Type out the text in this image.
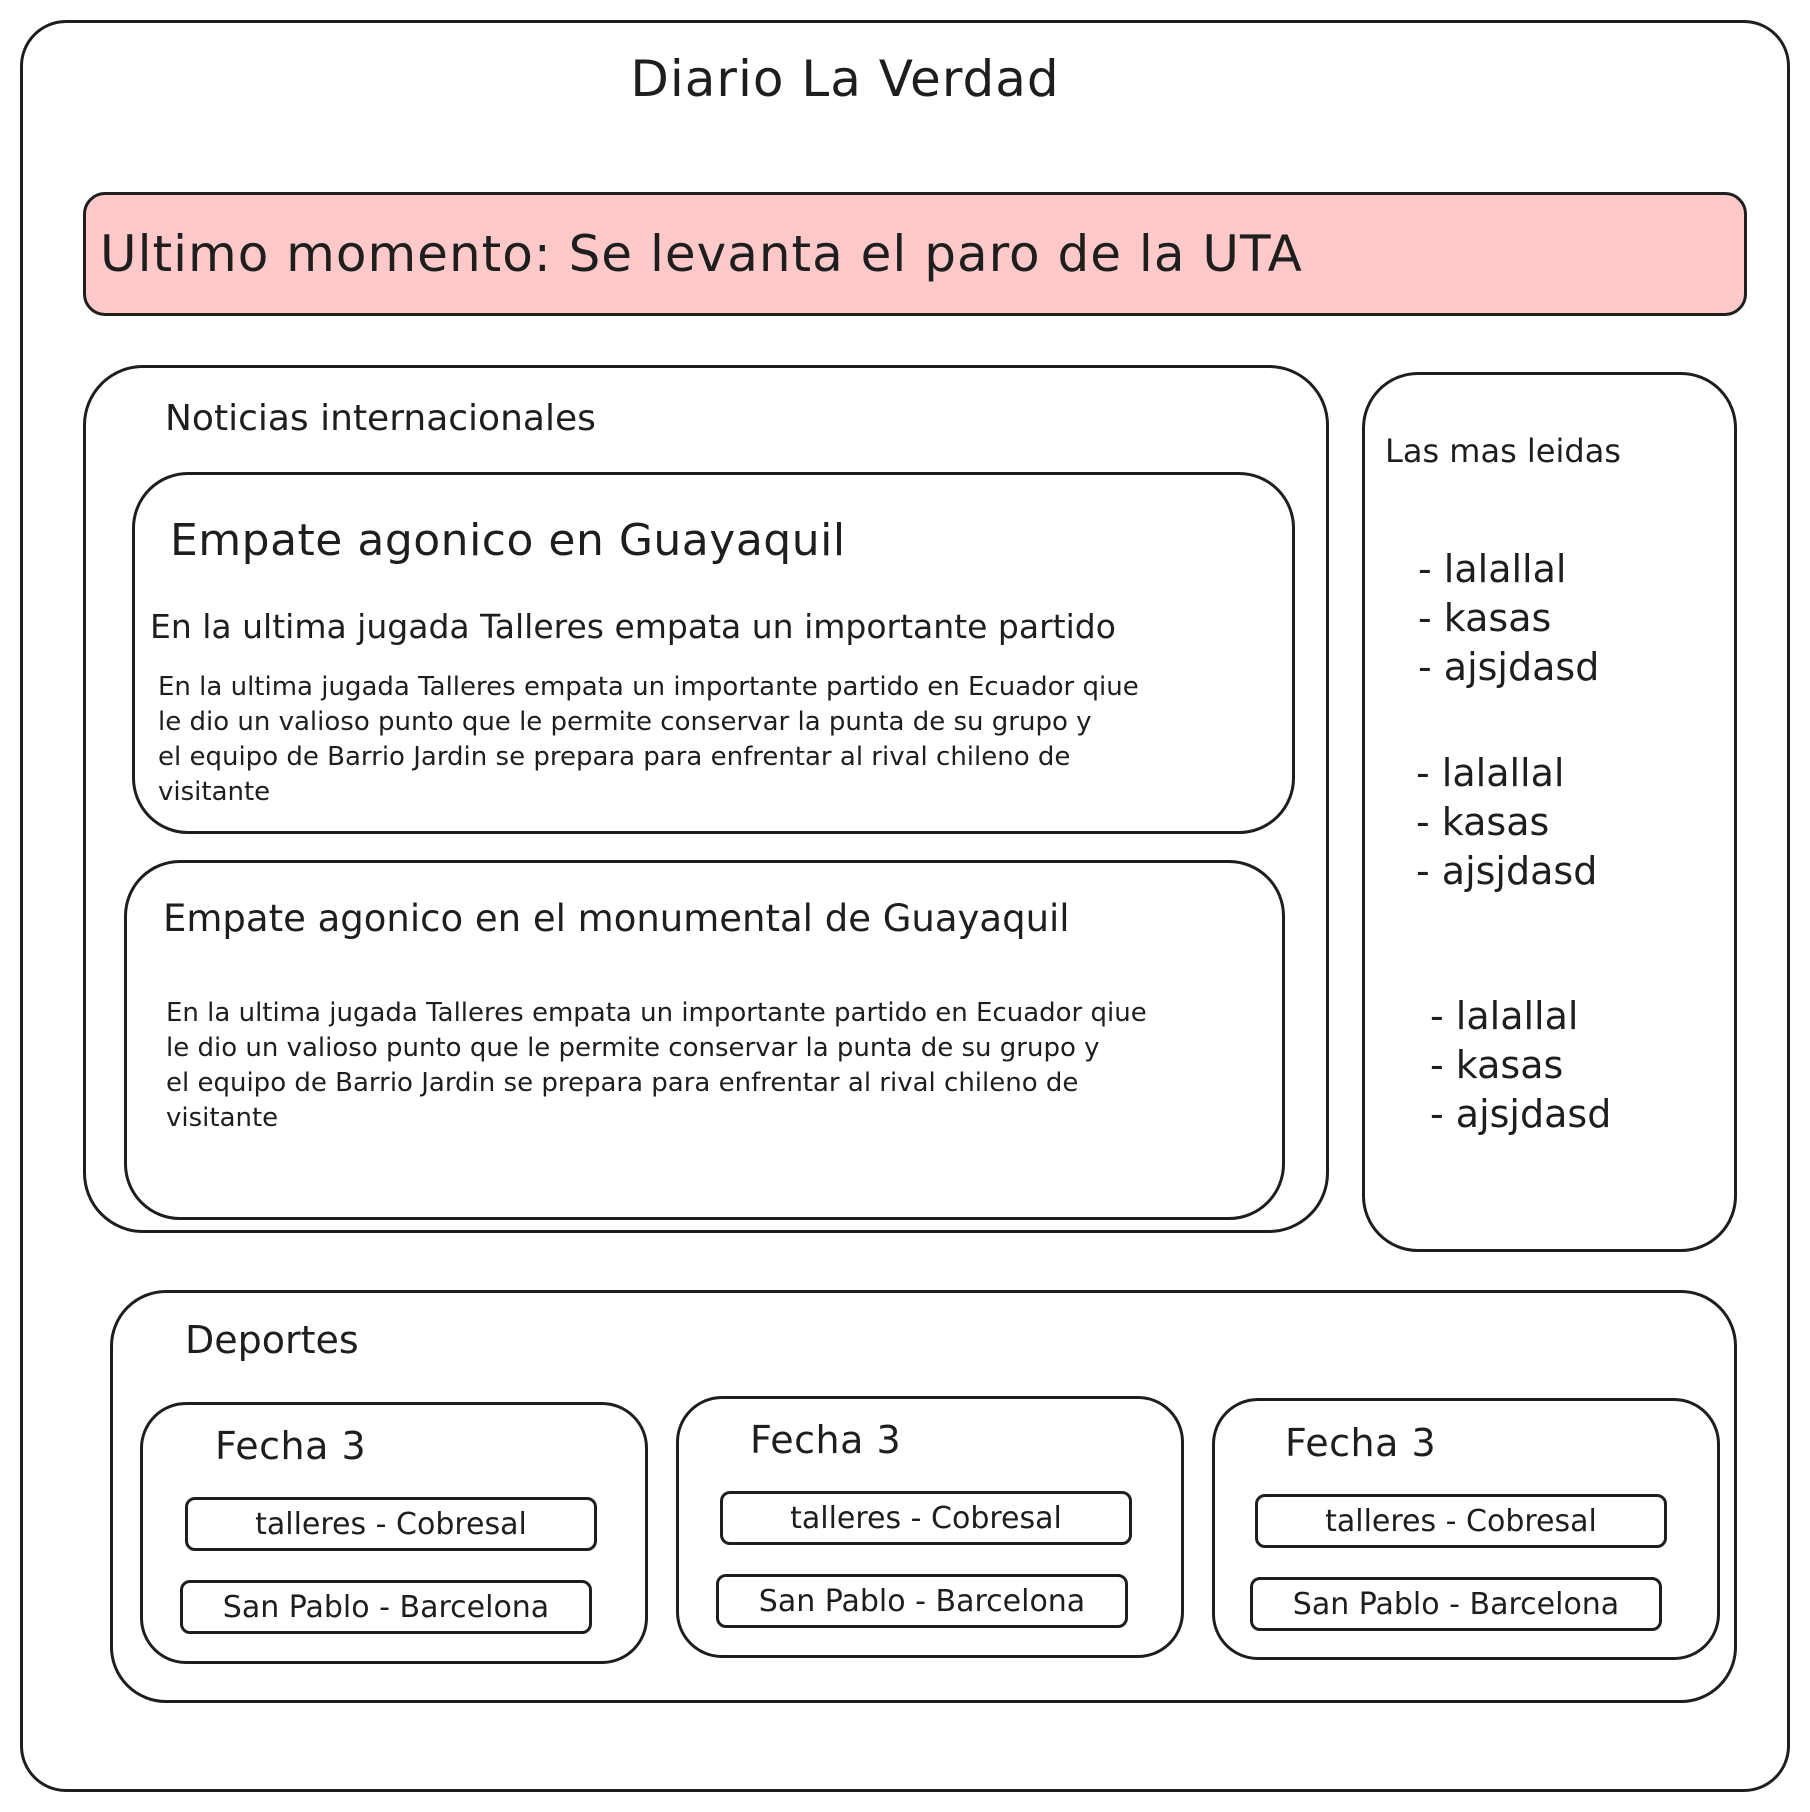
Diario La Verdad
Ultimo momento: Se levanta el paro de la UTA
Noticias internacionales
Empate agonico en Guayaquil
En la ultima jugada Talleres empata un importante partido
En la ultima jugada Talleres empata un importante partido en Ecuador qiue
le dio un valioso punto que le permite conservar la punta de su grupo y
el equipo de Barrio Jardin se prepara para enfrentar al rival chileno de
visitante
Empate agonico en el monumental de Guayaquil
En la ultima jugada Talleres empata un importante partido en Ecuador qiue
le dio un valioso punto que le permite conservar la punta de su grupo y
el equipo de Barrio Jardin se prepara para enfrentar al rival chileno de
visitante
Las mas leidas
- lalallal
- kasas
- ajsjdasd
- lalallal
- kasas
- ajsjdasd
- lalallal
- kasas
- ajsjdasd
Deportes
Fecha 3
talleres - Cobresal
San Pablo - Barcelona
Fecha 3
talleres - Cobresal
San Pablo - Barcelona
Fecha 3
talleres - Cobresal
San Pablo - Barcelona
